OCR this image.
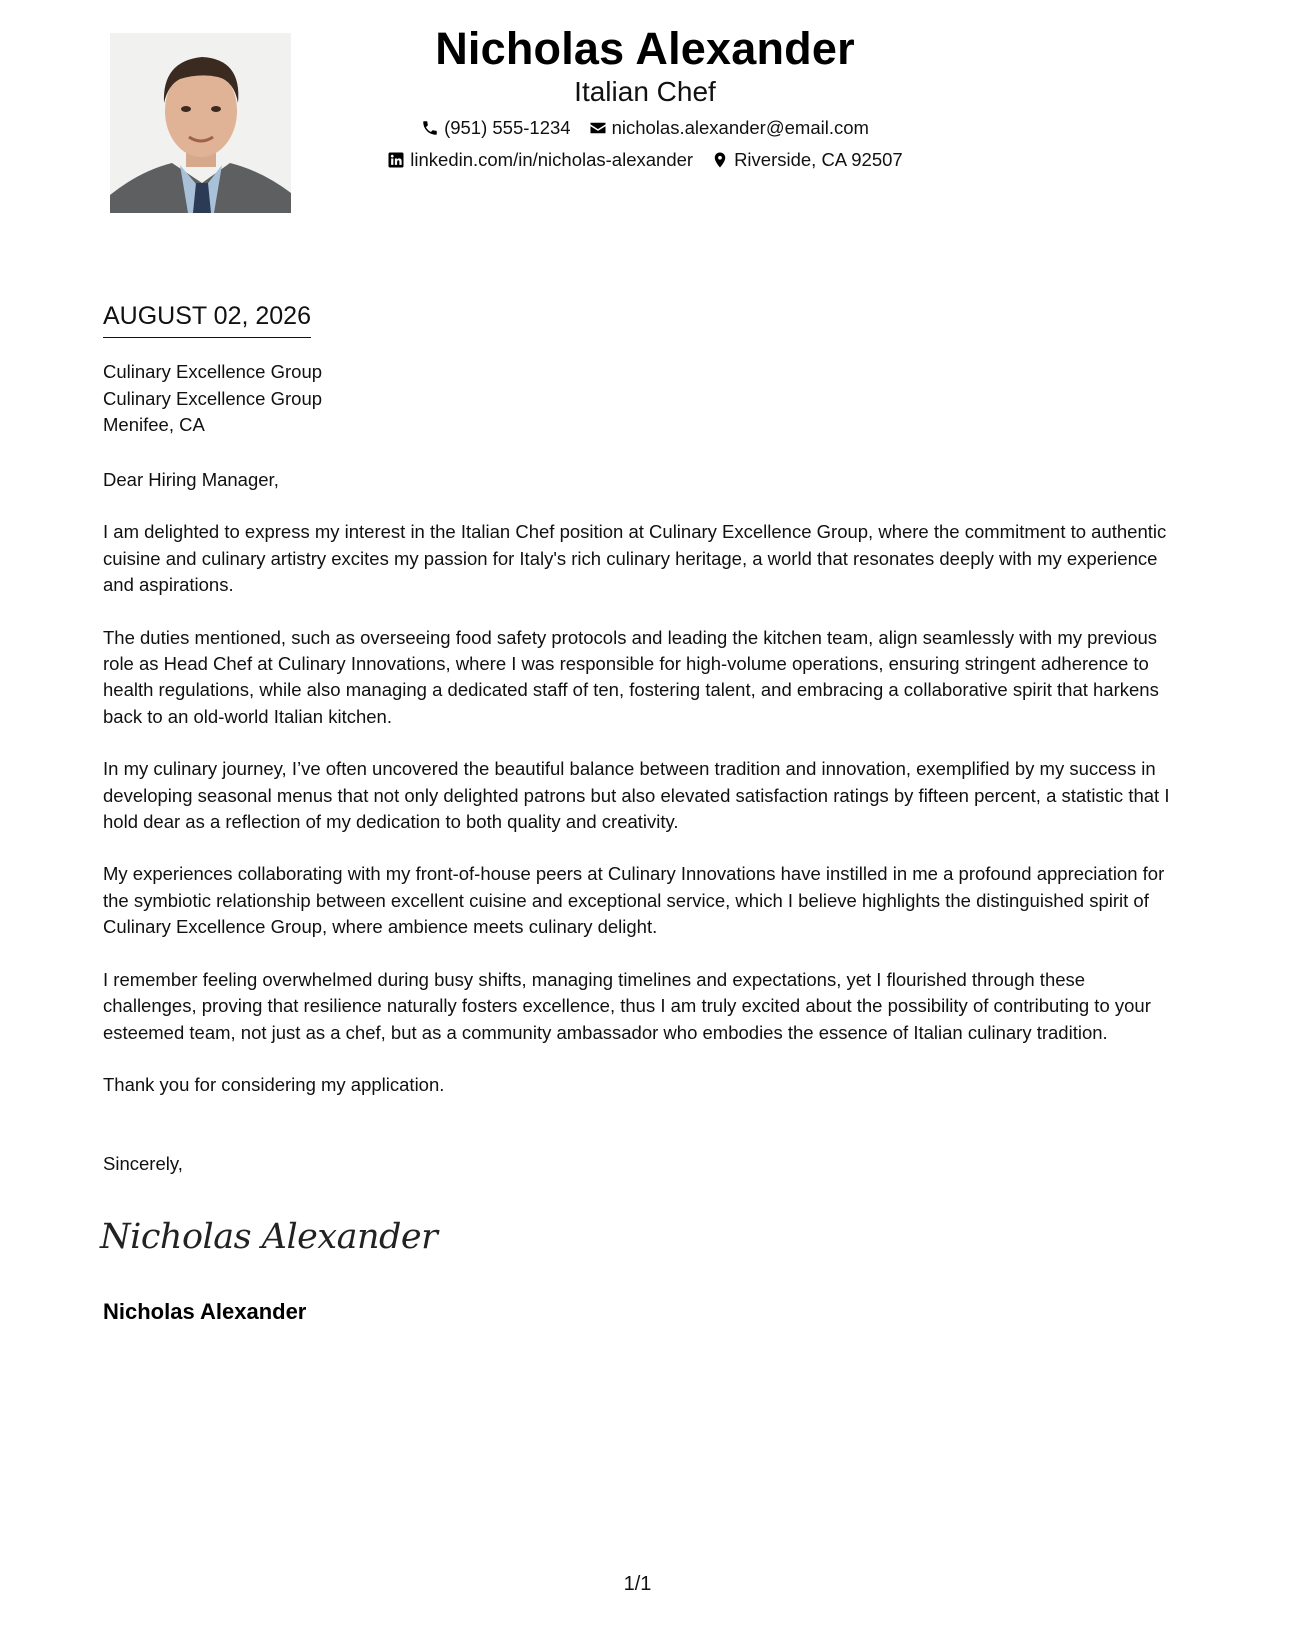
Nicholas Alexander
Italian Chef
(951) 555-1234 nicholas.alexander@email.com
linkedin.com/in/nicholas-alexander Riverside, CA 92507
AUGUST 02, 2026
Culinary Excellence Group
Culinary Excellence Group
Menifee, CA

Dear Hiring Manager,

I am delighted to express my interest in the Italian Chef position at Culinary Excellence Group, where the commitment to authentic cuisine and culinary artistry excites my passion for Italy's rich culinary heritage, a world that resonates deeply with my experience and aspirations.

The duties mentioned, such as overseeing food safety protocols and leading the kitchen team, align seamlessly with my previous role as Head Chef at Culinary Innovations, where I was responsible for high-volume operations, ensuring stringent adherence to health regulations, while also managing a dedicated staff of ten, fostering talent, and embracing a collaborative spirit that harkens back to an old-world Italian kitchen.

In my culinary journey, I’ve often uncovered the beautiful balance between tradition and innovation, exemplified by my success in developing seasonal menus that not only delighted patrons but also elevated satisfaction ratings by fifteen percent, a statistic that I hold dear as a reflection of my dedication to both quality and creativity.

My experiences collaborating with my front-of-house peers at Culinary Innovations have instilled in me a profound appreciation for the symbiotic relationship between excellent cuisine and exceptional service, which I believe highlights the distinguished spirit of Culinary Excellence Group, where ambience meets culinary delight.

I remember feeling overwhelmed during busy shifts, managing timelines and expectations, yet I flourished through these challenges, proving that resilience naturally fosters excellence, thus I am truly excited about the possibility of contributing to your esteemed team, not just as a chef, but as a community ambassador who embodies the essence of Italian culinary tradition.

Thank you for considering my application.

Sincerely,
Nicholas Alexander
Nicholas Alexander
1/1
